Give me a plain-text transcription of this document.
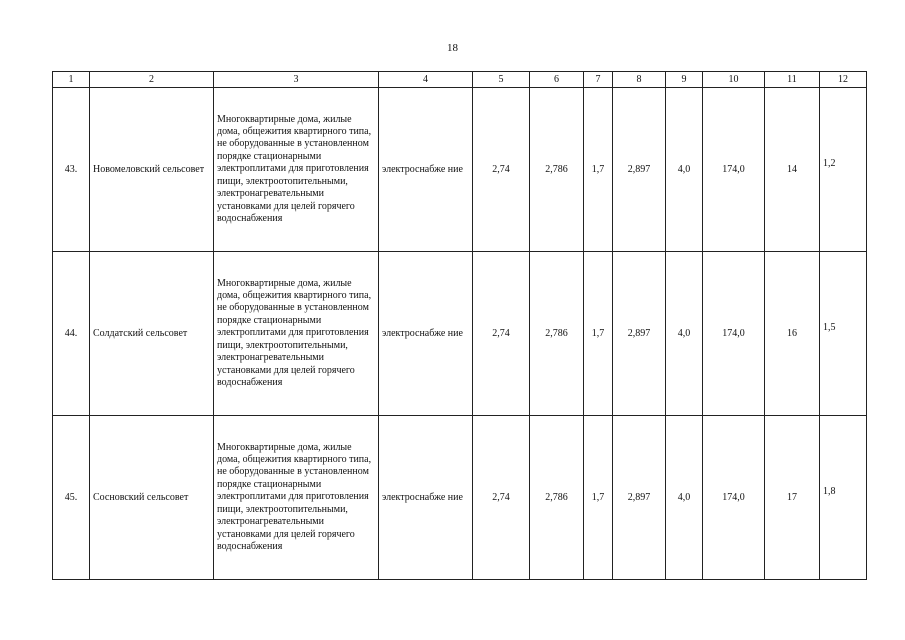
18
1	2	3	4	5	6	7	8	9	10	11	12
43.	Новомеловский сельсовет	Многоквартирные дома, жилые дома, общежития квартирного типа, не оборудованные в установленном порядке стационарными электроплитами для приготовления пищи, электроотопительными, электронагревательными установками для целей горячего водоснабжения	электроснабже ние	2,74	2,786	1,7	2,897	4,0	174,0	14	1,2
44.	Солдатский сельсовет	Многоквартирные дома, жилые дома, общежития квартирного типа, не оборудованные в установленном порядке стационарными электроплитами для приготовления пищи, электроотопительными, электронагревательными установками для целей горячего водоснабжения	электроснабже ние	2,74	2,786	1,7	2,897	4,0	174,0	16	1,5
45.	Сосновский сельсовет	Многоквартирные дома, жилые дома, общежития квартирного типа, не оборудованные в установленном порядке стационарными электроплитами для приготовления пищи, электроотопительными, электронагревательными установками для целей горячего водоснабжения	электроснабже ние	2,74	2,786	1,7	2,897	4,0	174,0	17	1,8
